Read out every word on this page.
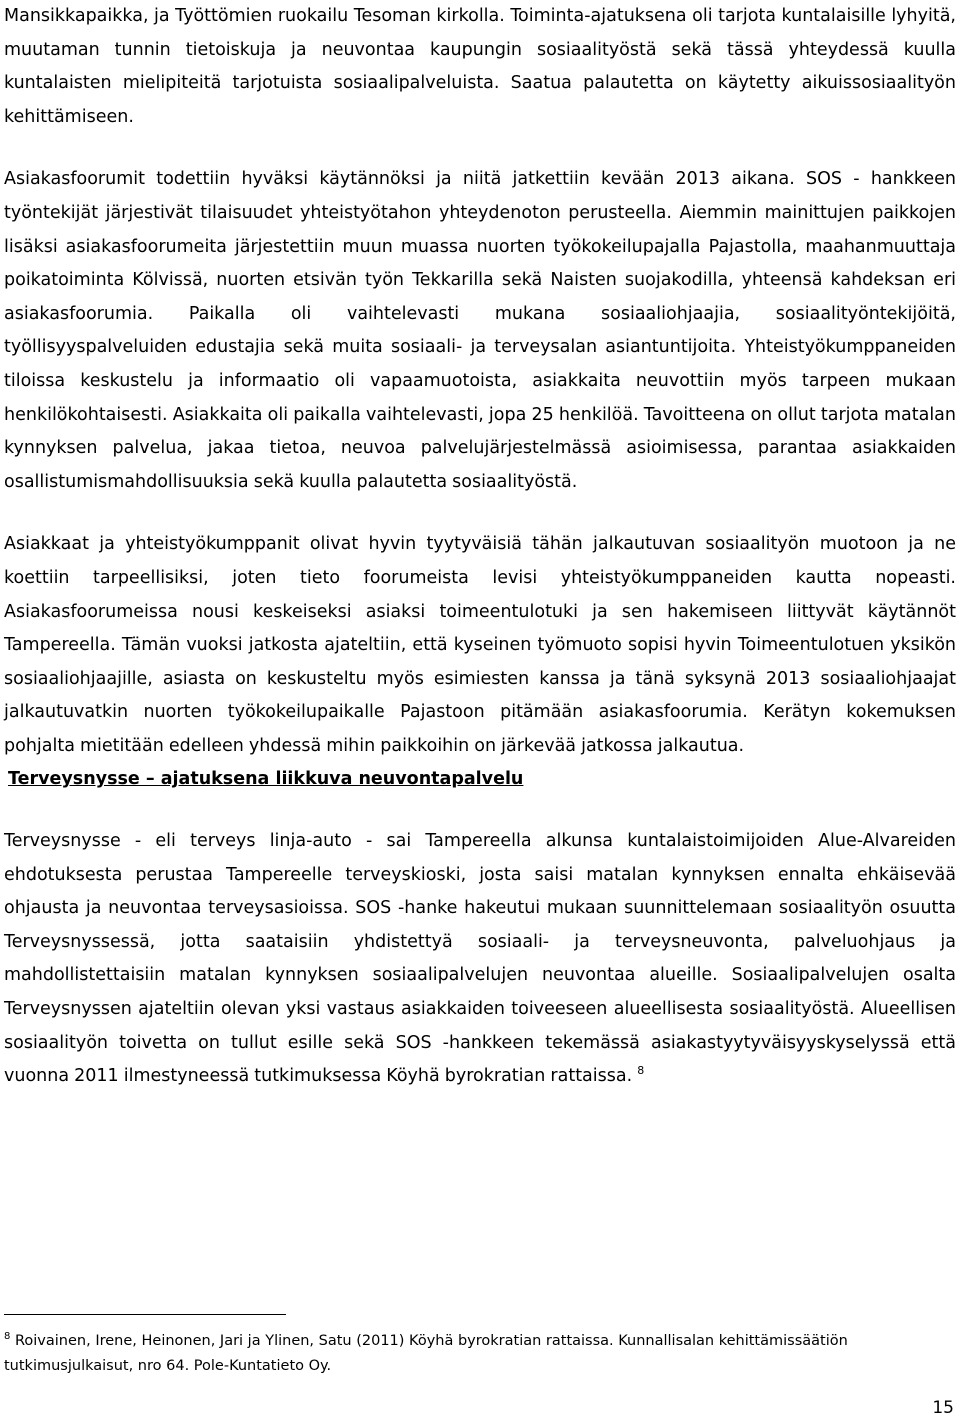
Mansikkapaikka, ja Työttömien ruokailu Tesoman kirkolla. Toiminta-ajatuksena oli tarjota kuntalaisille lyhyitä, muutaman tunnin tietoiskuja ja neuvontaa kaupungin sosiaalityöstä sekä tässä yhteydessä kuulla kuntalaisten mielipiteitä tarjotuista sosiaalipalveluista. Saatua palautetta on käytetty aikuissosiaalityön kehittämiseen.

Asiakasfoorumit todettiin hyväksi käytännöksi ja niitä jatkettiin kevään 2013 aikana. SOS - hankkeen työntekijät järjestivät tilaisuudet yhteistyötahon yhteydenoton perusteella. Aiemmin mainittujen paikkojen lisäksi asiakasfoorumeita järjestettiin muun muassa nuorten työkokeilupajalla Pajastolla, maahanmuuttaja poikatoiminta Kölvissä, nuorten etsivän työn Tekkarilla sekä Naisten suojakodilla, yhteensä kahdeksan eri asiakasfoorumia. Paikalla oli vaihtelevasti mukana sosiaaliohjaajia, sosiaalityöntekijöitä, työllisyyspalveluiden edustajia sekä muita sosiaali- ja terveysalan asiantuntijoita. Yhteistyökumppaneiden tiloissa keskustelu ja informaatio oli vapaamuotoista, asiakkaita neuvottiin myös tarpeen mukaan henkilökohtaisesti. Asiakkaita oli paikalla vaihtelevasti, jopa 25 henkilöä. Tavoitteena on ollut tarjota matalan kynnyksen palvelua, jakaa tietoa, neuvoa palvelujärjestelmässä asioimisessa, parantaa asiakkaiden osallistumismahdollisuuksia sekä kuulla palautetta sosiaalityöstä.

Asiakkaat ja yhteistyökumppanit olivat hyvin tyytyväisiä tähän jalkautuvan sosiaalityön muotoon ja ne koettiin tarpeellisiksi, joten tieto foorumeista levisi yhteistyökumppaneiden kautta nopeasti. Asiakasfoorumeissa nousi keskeiseksi asiaksi toimeentulotuki ja sen hakemiseen liittyvät käytännöt Tampereella. Tämän vuoksi jatkosta ajateltiin, että kyseinen työmuoto sopisi hyvin Toimeentulotuen yksikön sosiaaliohjaajille, asiasta on keskusteltu myös esimiesten kanssa ja tänä syksynä 2013 sosiaaliohjaajat jalkautuvatkin nuorten työkokeilupaikalle Pajastoon pitämään asiakasfoorumia. Kerätyn kokemuksen pohjalta mietitään edelleen yhdessä mihin paikkoihin on järkevää jatkossa jalkautua.

Terveysnysse – ajatuksena liikkuva neuvontapalvelu

Terveysnysse - eli terveys linja-auto - sai Tampereella alkunsa kuntalaistoimijoiden Alue-Alvareiden ehdotuksesta perustaa Tampereelle terveyskioski, josta saisi matalan kynnyksen ennalta ehkäisevää ohjausta ja neuvontaa terveysasioissa. SOS -hanke hakeutui mukaan suunnittelemaan sosiaalityön osuutta Terveysnyssessä, jotta saataisiin yhdistettyä sosiaali- ja terveysneuvonta, palveluohjaus ja mahdollistettaisiin matalan kynnyksen sosiaalipalvelujen neuvontaa alueille. Sosiaalipalvelujen osalta Terveysnyssen ajateltiin olevan yksi vastaus asiakkaiden toiveeseen alueellisesta sosiaalityöstä. Alueellisen sosiaalityön toivetta on tullut esille sekä SOS -hankkeen tekemässä asiakastyytyväisyyskyselyssä että vuonna 2011 ilmestyneessä tutkimuksessa Köyhä byrokratian rattaissa. $^8$

$^8$ Roivainen, Irene, Heinonen, Jari ja Ylinen, Satu (2011) Köyhä byrokratian rattaissa. Kunnallisalan kehittämissäätiön tutkimusjulkaisut, nro 64. Pole-Kuntatieto Oy.

15
